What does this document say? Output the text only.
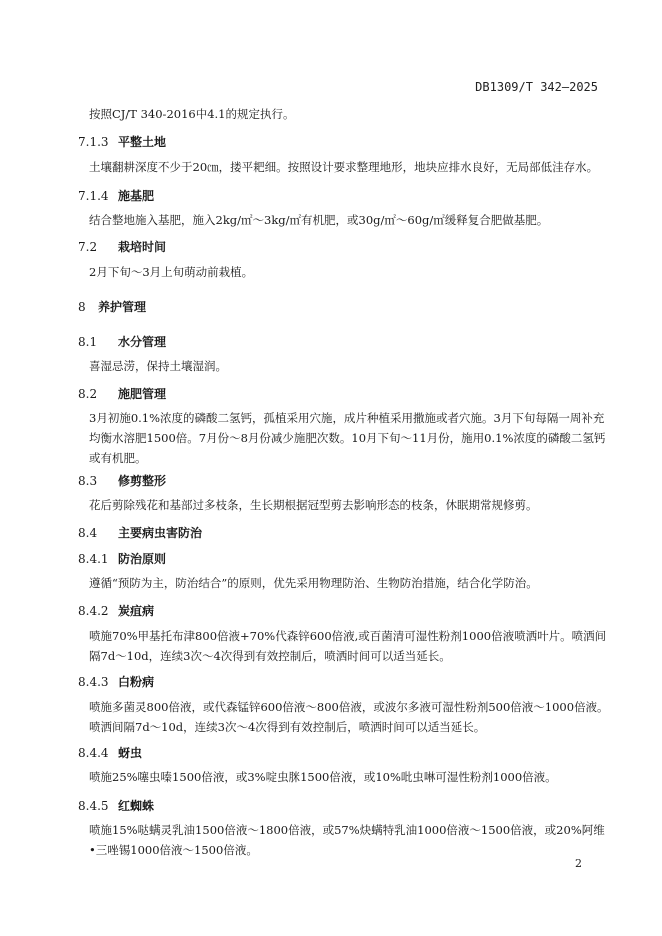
DB1309/T 342—2025
按照CJ/T 340-2016中4.1的规定执行。
7.1.3 平整土地
土壤翻耕深度不少于20㎝，搂平耙细。按照设计要求整理地形，地块应排水良好，无局部低洼存水。
7.1.4 施基肥
结合整地施入基肥，施入2kg/㎡～3kg/㎡有机肥，或30g/㎡～60g/㎡缓释复合肥做基肥。
7.2 栽培时间
2月下旬～3月上旬萌动前栽植。
8 养护管理
8.1 水分管理
喜湿忌涝，保持土壤湿润。
8.2 施肥管理
3月初施0.1%浓度的磷酸二氢钙，孤植采用穴施，成片种植采用撒施或者穴施。3月下旬每隔一周补充均衡水溶肥1500倍。7月份～8月份减少施肥次数。10月下旬～11月份，施用0.1%浓度的磷酸二氢钙或有机肥。
8.3 修剪整形
花后剪除残花和基部过多枝条，生长期根据冠型剪去影响形态的枝条，休眠期常规修剪。
8.4 主要病虫害防治
8.4.1 防治原则
遵循“预防为主，防治结合”的原则，优先采用物理防治、生物防治措施，结合化学防治。
8.4.2 炭疽病
喷施70%甲基托布津800倍液+70%代森锌600倍液,或百菌清可湿性粉剂1000倍液喷洒叶片。喷洒间隔7d～10d，连续3次～4次得到有效控制后，喷洒时间可以适当延长。
8.4.3 白粉病
喷施多菌灵800倍液，或代森锰锌600倍液～800倍液，或波尔多液可湿性粉剂500倍液～1000倍液。喷洒间隔7d～10d，连续3次～4次得到有效控制后，喷洒时间可以适当延长。
8.4.4 蚜虫
喷施25%噻虫嗪1500倍液，或3%啶虫脒1500倍液，或10%吡虫啉可湿性粉剂1000倍液。
8.4.5 红蜘蛛
喷施15%哒螨灵乳油1500倍液～1800倍液，或57%炔螨特乳油1000倍液～1500倍液，或20%阿维•三唑锡1000倍液～1500倍液。
2
